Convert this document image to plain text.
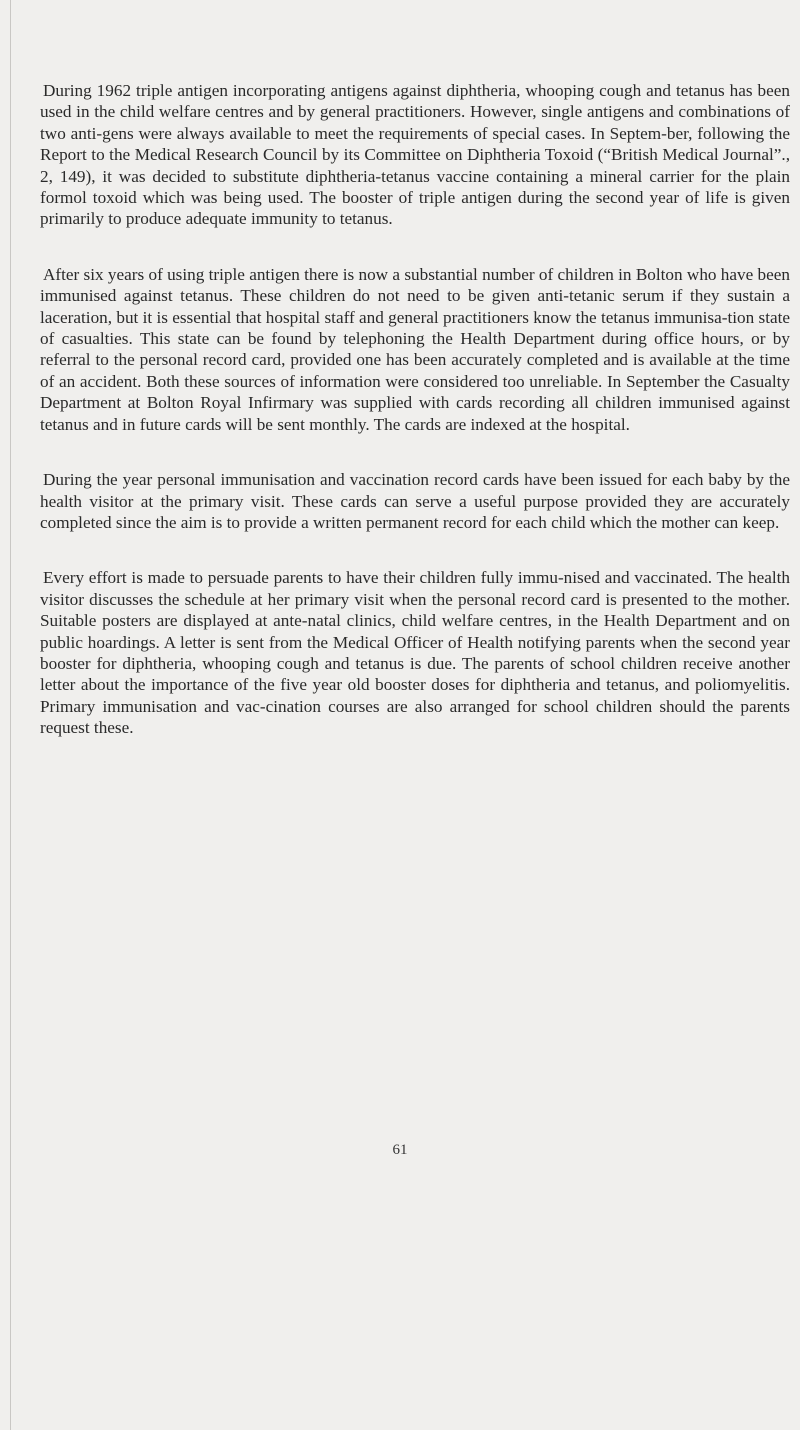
During 1962 triple antigen incorporating antigens against diphtheria, whooping cough and tetanus has been used in the child welfare centres and by general practitioners. However, single antigens and combinations of two anti-gens were always available to meet the requirements of special cases. In Septem-ber, following the Report to the Medical Research Council by its Committee on Diphtheria Toxoid (“British Medical Journal”., 2, 149), it was decided to substitute diphtheria-tetanus vaccine containing a mineral carrier for the plain formol toxoid which was being used. The booster of triple antigen during the second year of life is given primarily to produce adequate immunity to tetanus.

After six years of using triple antigen there is now a substantial number of children in Bolton who have been immunised against tetanus. These children do not need to be given anti-tetanic serum if they sustain a laceration, but it is essential that hospital staff and general practitioners know the tetanus immunisa-tion state of casualties. This state can be found by telephoning the Health Department during office hours, or by referral to the personal record card, provided one has been accurately completed and is available at the time of an accident. Both these sources of information were considered too unreliable. In September the Casualty Department at Bolton Royal Infirmary was supplied with cards recording all children immunised against tetanus and in future cards will be sent monthly. The cards are indexed at the hospital.

During the year personal immunisation and vaccination record cards have been issued for each baby by the health visitor at the primary visit. These cards can serve a useful purpose provided they are accurately completed since the aim is to provide a written permanent record for each child which the mother can keep.

Every effort is made to persuade parents to have their children fully immu-nised and vaccinated. The health visitor discusses the schedule at her primary visit when the personal record card is presented to the mother. Suitable posters are displayed at ante-natal clinics, child welfare centres, in the Health Department and on public hoardings. A letter is sent from the Medical Officer of Health notifying parents when the second year booster for diphtheria, whooping cough and tetanus is due. The parents of school children receive another letter about the importance of the five year old booster doses for diphtheria and tetanus, and poliomyelitis. Primary immunisation and vac-cination courses are also arranged for school children should the parents request these.

61
